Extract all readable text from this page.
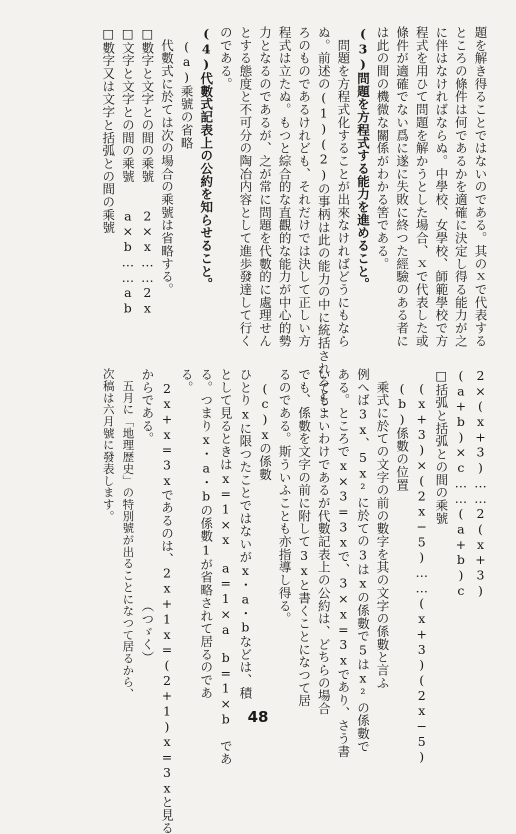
題を解き得ることではないのである。其のｘで代表する

ところの條件は何であるかを適確に決定し得る能力が之

に伴はなければならぬ。中學校、女學校、師範學校で方

程式を用ひて問題を解かうとした場合、ｘで代表した或

條件が適確でない爲に遂に失敗に終つた經驗のある者に

は此の間の機微な關係がわかる筈である。

(3)問題を方程式する能力を進めること。

　問題を方程式化することが出來なければどうにもなら

ぬ。前述の(1)(2)の事柄は此の能力の中に統括されるとこ

ろのものであるけれども、それだけでは決して正しい方

程式は立たぬ。もつと綜合的な直觀的な能力が中心的勢

力となるのであるが、之が常に問題を代數的に處理せん

とする態度と不可分の陶冶内容として進歩發達して行く

のである。

(4)代數式記表上の公約を知らせること。

　(a)乘號の省略

　代數式に於ては次の場合の乘號は省略する。

□數字と文字との間の乘號　　2×x……2x

□文字と文字との間の乘號　　a×b……ab

□數字又は文字と括弧との間の乘號

2×(x+3)……2(x+3)

(a+b)×c……(a+b)c

□括弧と括弧との間の乘號

　(x+3)×(2x−5)……(x+3)(2x−5)

　(b)係數の位置

　乘式に於ての文字の前の數字を其の文字の係數と言ふ

例へば3x、5x²に於ての3はxの係數で5はx²の係數で

ある。ところでx×3=3xで、3×x=3xであり、さう書

いてもよいわけであるが代數記表上の公約は、どちらの場合

でも、係數を文字の前に附して3xと書くことになつて居

るのである。斯ういふことも亦指導し得る。

　(c)xの係數

ひとりxに限つたことではないがx・a・bなどは、積

として見るときはx=1×x　a=1×a　b=1×b　であ

る。つまりx・a・bの係數1が省略されて居るのであ

る。

　2x+x=3xであるのは、2x+1x=(2+1)x=3xと見る

からである。　　　　　　　　　　　　　（つゞく）

　五月に「地理歴史」の特別號が出ることになつて居るから、

次稿は六月號に發表します。

48
